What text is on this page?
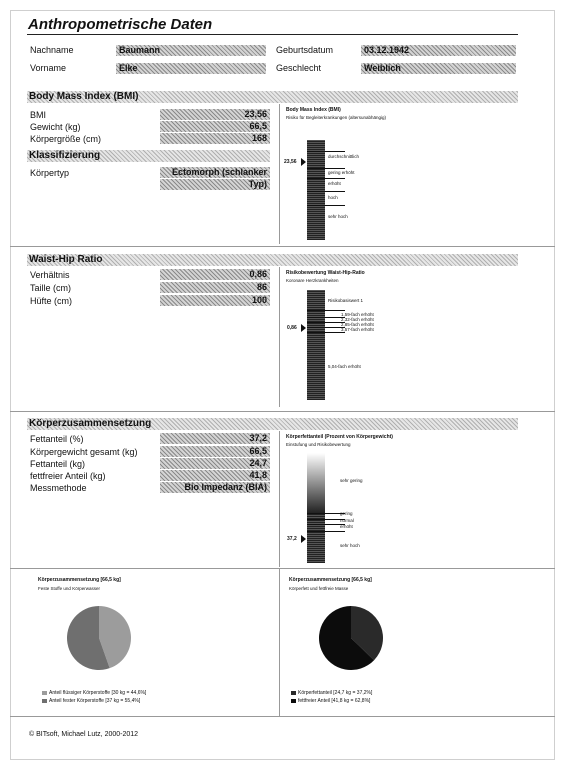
Anthropometrische Daten
Nachname	Baumann	Geburtsdatum	03.12.1942
Vorname	Elke	Geschlecht	Weiblich
Body Mass Index (BMI)
BMI	23,56
Gewicht (kg)	66,5
Körpergröße (cm)	168
Klassifizierung
Körpertyp	Ectomorph (schlanker
Typ)
Body Mass Index (BMI)
Risiko für Begleiterkrankungen (altersunabhängig)
durchschnittlich
gering erhöht
erhöht
hoch
sehr hoch
23,56
Waist-Hip Ratio
Verhältnis	0,86
Taille (cm)	86
Hüfte (cm)	100
Risikobewertung Waist-Hip-Ratio
Koronare Herzkrankheiten
Risikobasiswert 1
1,59-fach erhöht
2,32-fach erhöht
2,85-fach erhöht
3,57-fach erhöht
5,04-fach erhöht
0,86
Körperzusammensetzung
Fettanteil (%)	37,2
Körpergewicht gesamt (kg)	66,5
Fettanteil (kg)	24,7
fettfreier Anteil (kg)	41,8
Messmethode	Bio Impedanz (BIA)
Körperfettanteil (Prozent von Körpergewicht)
Einstufung und Risikobewertung
sehr gering
gering
normal
erhöht
sehr hoch
37,2
Körperzusammensetzung [66,5 kg]
Feste Stoffe und Körperwasser
Anteil flüssiger Körperstoffe [30 kg = 44,6%]
Anteil fester Körperstoffe [37 kg = 55,4%]
Körperzusammensetzung [66,5 kg]
Körperfett und fettfreie Masse
Körperfettanteil [24,7 kg = 37,2%]
fettfreier Anteil [41,8 kg = 62,8%]
© BITsoft, Michael Lutz, 2000-2012
